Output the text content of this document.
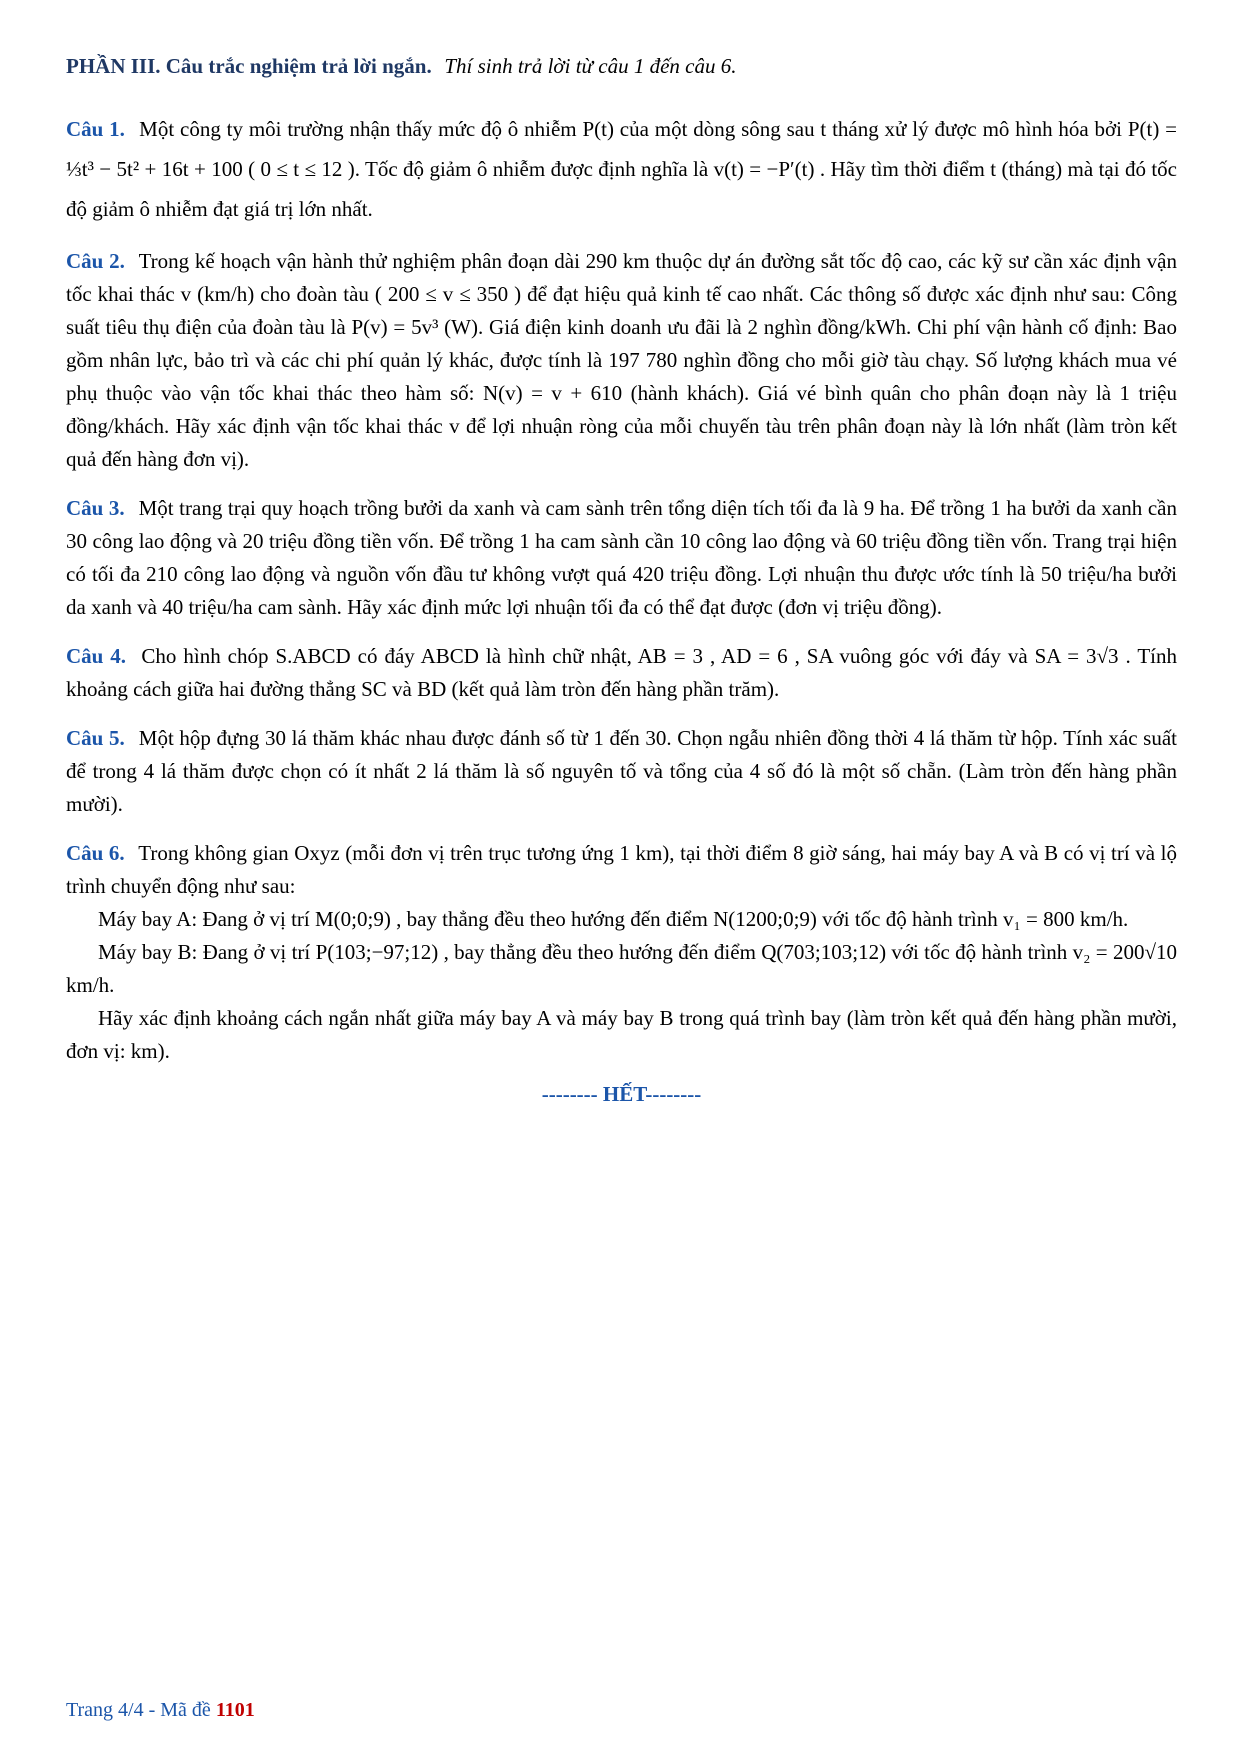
PHẦN III. Câu trắc nghiệm trả lời ngắn. Thí sinh trả lời từ câu 1 đến câu 6.

Câu 1. Một công ty môi trường nhận thấy mức độ ô nhiễm P(t) của một dòng sông sau t tháng xử lý được mô hình hóa bởi P(t) = ⅓t³ − 5t² + 16t + 100 ( 0 ≤ t ≤ 12 ). Tốc độ giảm ô nhiễm được định nghĩa là v(t) = −P′(t) . Hãy tìm thời điểm t (tháng) mà tại đó tốc độ giảm ô nhiễm đạt giá trị lớn nhất.

Câu 2. Trong kế hoạch vận hành thử nghiệm phân đoạn dài 290 km thuộc dự án đường sắt tốc độ cao, các kỹ sư cần xác định vận tốc khai thác v (km/h) cho đoàn tàu ( 200 ≤ v ≤ 350 ) để đạt hiệu quả kinh tế cao nhất. Các thông số được xác định như sau: Công suất tiêu thụ điện của đoàn tàu là P(v) = 5v³ (W). Giá điện kinh doanh ưu đãi là 2 nghìn đồng/kWh. Chi phí vận hành cố định: Bao gồm nhân lực, bảo trì và các chi phí quản lý khác, được tính là 197 780 nghìn đồng cho mỗi giờ tàu chạy. Số lượng khách mua vé phụ thuộc vào vận tốc khai thác theo hàm số: N(v) = v + 610 (hành khách). Giá vé bình quân cho phân đoạn này là 1 triệu đồng/khách. Hãy xác định vận tốc khai thác v để lợi nhuận ròng của mỗi chuyến tàu trên phân đoạn này là lớn nhất (làm tròn kết quả đến hàng đơn vị).

Câu 3. Một trang trại quy hoạch trồng bưởi da xanh và cam sành trên tổng diện tích tối đa là 9 ha. Để trồng 1 ha bưởi da xanh cần 30 công lao động và 20 triệu đồng tiền vốn. Để trồng 1 ha cam sành cần 10 công lao động và 60 triệu đồng tiền vốn. Trang trại hiện có tối đa 210 công lao động và nguồn vốn đầu tư không vượt quá 420 triệu đồng. Lợi nhuận thu được ước tính là 50 triệu/ha bưởi da xanh và 40 triệu/ha cam sành. Hãy xác định mức lợi nhuận tối đa có thể đạt được (đơn vị triệu đồng).

Câu 4. Cho hình chóp S.ABCD có đáy ABCD là hình chữ nhật, AB = 3 , AD = 6 , SA vuông góc với đáy và SA = 3√3 . Tính khoảng cách giữa hai đường thẳng SC và BD (kết quả làm tròn đến hàng phần trăm).

Câu 5. Một hộp đựng 30 lá thăm khác nhau được đánh số từ 1 đến 30. Chọn ngẫu nhiên đồng thời 4 lá thăm từ hộp. Tính xác suất để trong 4 lá thăm được chọn có ít nhất 2 lá thăm là số nguyên tố và tổng của 4 số đó là một số chẵn. (Làm tròn đến hàng phần mười).

Câu 6. Trong không gian Oxyz (mỗi đơn vị trên trục tương ứng 1 km), tại thời điểm 8 giờ sáng, hai máy bay A và B có vị trí và lộ trình chuyển động như sau:

Máy bay A: Đang ở vị trí M(0;0;9) , bay thẳng đều theo hướng đến điểm N(1200;0;9) với tốc độ hành trình v₁ = 800 km/h.

Máy bay B: Đang ở vị trí P(103;−97;12) , bay thẳng đều theo hướng đến điểm Q(703;103;12) với tốc độ hành trình v₂ = 200√10 km/h.

Hãy xác định khoảng cách ngắn nhất giữa máy bay A và máy bay B trong quá trình bay (làm tròn kết quả đến hàng phần mười, đơn vị: km).

-------- HẾT--------

Trang 4/4 - Mã đề 1101
